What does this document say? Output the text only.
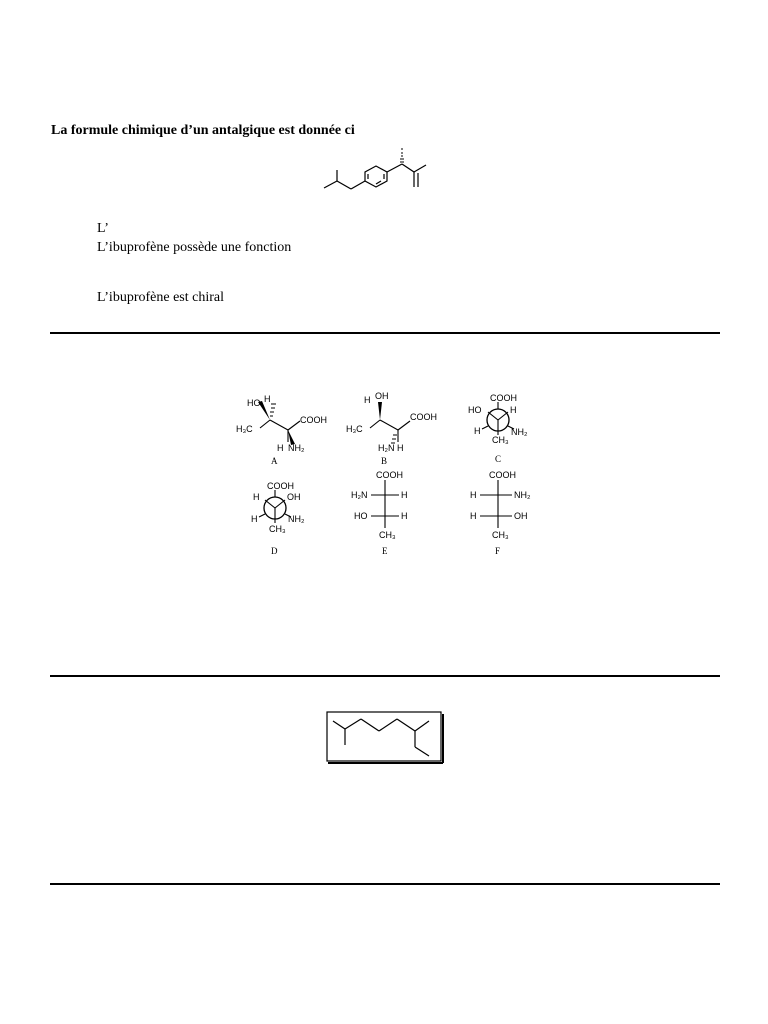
La formule chimique d’un antalgique est donnée ci
L’
L’ibuprofène possède une fonction
L’ibuprofène est chiral
HO H
H₃C
COOH
H NH₂
A
H OH
H₃C
COOH
H₂N H
B
COOH
HO	H
H	NH₂
CH₃
C
COOH
H	OH
H	NH₂
CH₃
D
COOH
H₂N	H
HO	H
CH₃
E
COOH
H	NH₂
H	OH
CH₃
F
